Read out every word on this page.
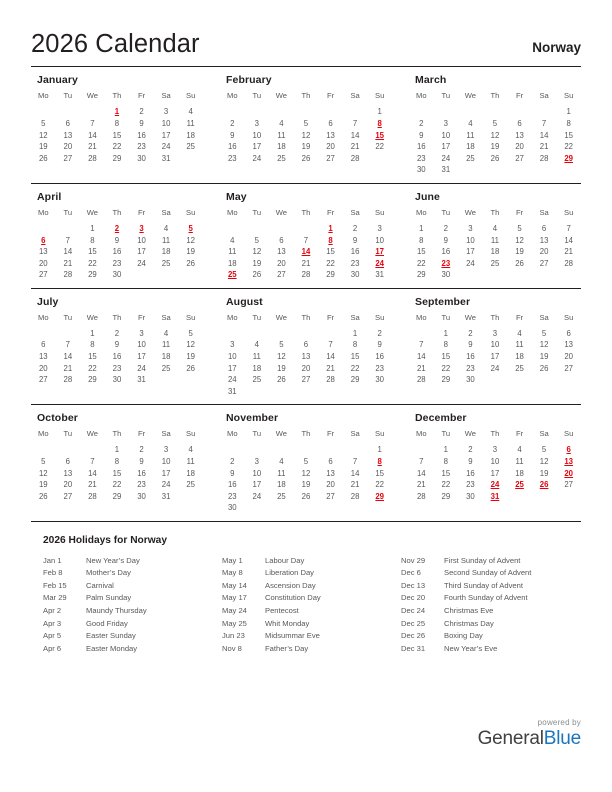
2026 Calendar	Norway
January
Mo	Tu	We	Th	Fr	Sa	Su
			1	2	3	4
5	6	7	8	9	10	11
12	13	14	15	16	17	18
19	20	21	22	23	24	25
26	27	28	29	30	31	
February
Mo	Tu	We	Th	Fr	Sa	Su
						1
2	3	4	5	6	7	8
9	10	11	12	13	14	15
16	17	18	19	20	21	22
23	24	25	26	27	28	
March
Mo	Tu	We	Th	Fr	Sa	Su
						1
2	3	4	5	6	7	8
9	10	11	12	13	14	15
16	17	18	19	20	21	22
23	24	25	26	27	28	29
30	31					
April
Mo	Tu	We	Th	Fr	Sa	Su
		1	2	3	4	5
6	7	8	9	10	11	12
13	14	15	16	17	18	19
20	21	22	23	24	25	26
27	28	29	30			
May
Mo	Tu	We	Th	Fr	Sa	Su
				1	2	3
4	5	6	7	8	9	10
11	12	13	14	15	16	17
18	19	20	21	22	23	24
25	26	27	28	29	30	31
June
Mo	Tu	We	Th	Fr	Sa	Su
1	2	3	4	5	6	7
8	9	10	11	12	13	14
15	16	17	18	19	20	21
22	23	24	25	26	27	28
29	30					
July
Mo	Tu	We	Th	Fr	Sa	Su
		1	2	3	4	5
6	7	8	9	10	11	12
13	14	15	16	17	18	19
20	21	22	23	24	25	26
27	28	29	30	31		
August
Mo	Tu	We	Th	Fr	Sa	Su
					1	2
3	4	5	6	7	8	9
10	11	12	13	14	15	16
17	18	19	20	21	22	23
24	25	26	27	28	29	30
31						
September
Mo	Tu	We	Th	Fr	Sa	Su
	1	2	3	4	5	6
7	8	9	10	11	12	13
14	15	16	17	18	19	20
21	22	23	24	25	26	27
28	29	30				
October
Mo	Tu	We	Th	Fr	Sa	Su
			1	2	3	4
5	6	7	8	9	10	11
12	13	14	15	16	17	18
19	20	21	22	23	24	25
26	27	28	29	30	31	
November
Mo	Tu	We	Th	Fr	Sa	Su
						1
2	3	4	5	6	7	8
9	10	11	12	13	14	15
16	17	18	19	20	21	22
23	24	25	26	27	28	29
30						
December
Mo	Tu	We	Th	Fr	Sa	Su
	1	2	3	4	5	6
7	8	9	10	11	12	13
14	15	16	17	18	19	20
21	22	23	24	25	26	27
28	29	30	31			
2026 Holidays for Norway
Jan 1	New Year’s Day
Feb 8	Mother’s Day
Feb 15	Carnival
Mar 29	Palm Sunday
Apr 2	Maundy Thursday
Apr 3	Good Friday
Apr 5	Easter Sunday
Apr 6	Easter Monday
May 1	Labour Day
May 8	Liberation Day
May 14	Ascension Day
May 17	Constitution Day
May 24	Pentecost
May 25	Whit Monday
Jun 23	Midsummar Eve
Nov 8	Father’s Day
Nov 29	First Sunday of Advent
Dec 6	Second Sunday of Advent
Dec 13	Third Sunday of Advent
Dec 20	Fourth Sunday of Advent
Dec 24	Christmas Eve
Dec 25	Christmas Day
Dec 26	Boxing Day
Dec 31	New Year’s Eve
powered by
GeneralBlue
